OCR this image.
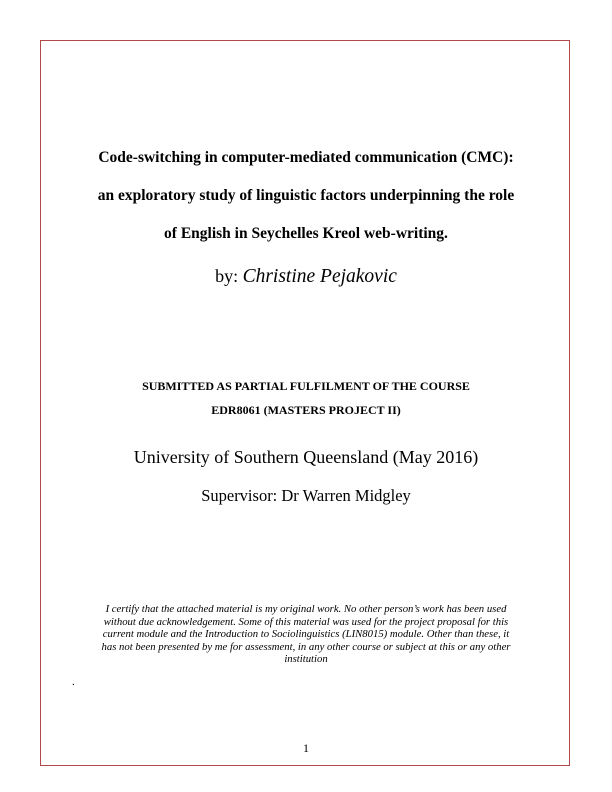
Code-switching in computer-mediated communication (CMC):
an exploratory study of linguistic factors underpinning the role
of English in Seychelles Kreol web-writing.
by: Christine Pejakovic
SUBMITTED AS PARTIAL FULFILMENT OF THE COURSE
EDR8061 (MASTERS PROJECT II)
University of Southern Queensland (May 2016)
Supervisor: Dr Warren Midgley
I certify that the attached material is my original work. No other person’s work has been used
without due acknowledgement. Some of this material was used for the project proposal for this
current module and the Introduction to Sociolinguistics (LIN8015) module. Other than these, it
has not been presented by me for assessment, in any other course or subject at this or any other
institution
.
1
